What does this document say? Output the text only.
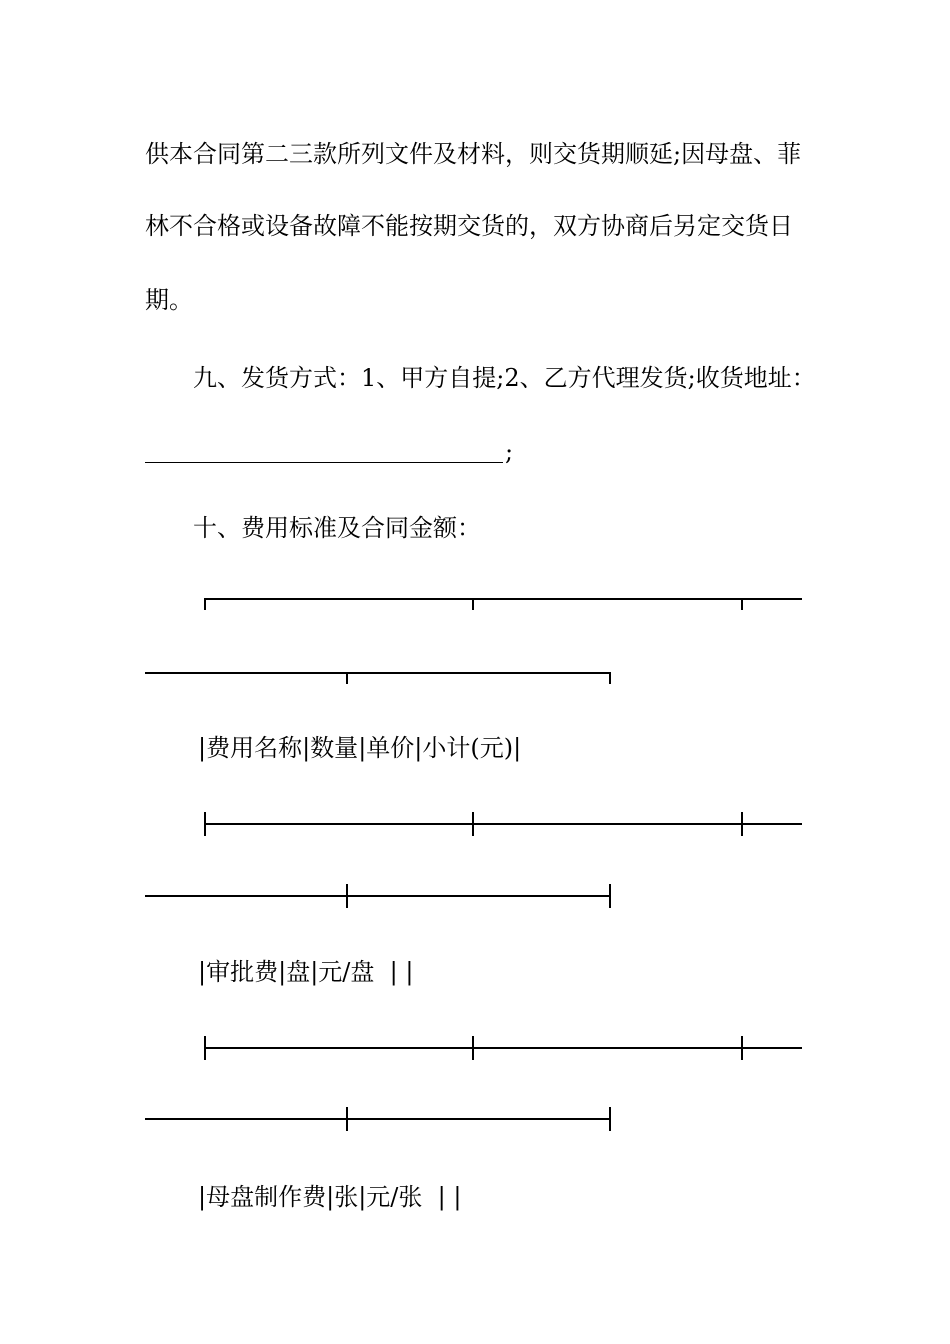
供本合同第二三款所列文件及材料，则交货期顺延;因母盘、菲
林不合格或设备故障不能按期交货的，双方协商后另定交货日
期。
九、发货方式：1、甲方自提;2、乙方代理发货;收货地址：
;
十、费用标准及合同金额：
|费用名称|数量|单价|小计(元)|
|审批费|盘|元/盘  | |
|母盘制作费|张|元/张  | |
